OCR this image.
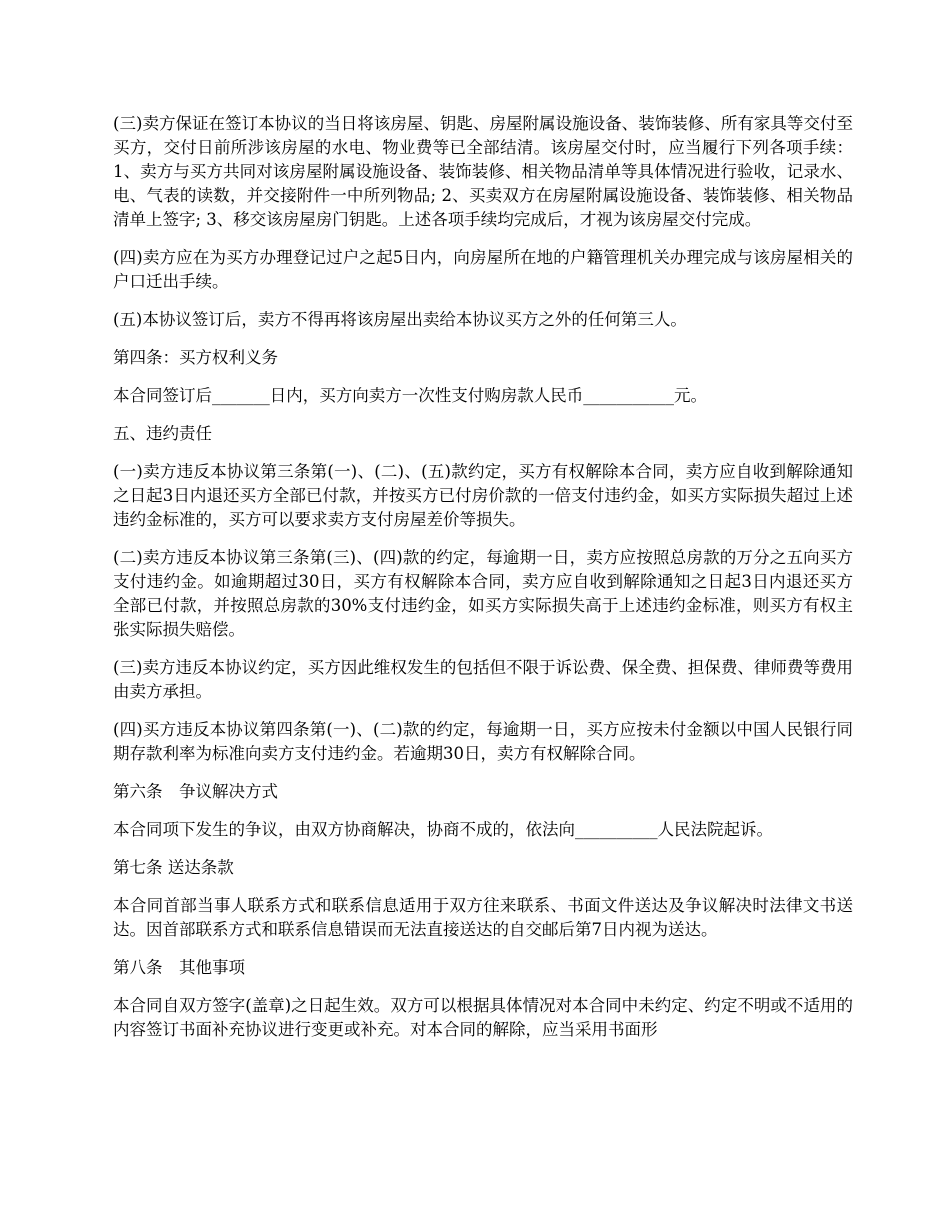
(三)卖方保证在签订本协议的当日将该房屋、钥匙、房屋附属设施设备、装饰装修、所有家具等交付至买方，交付日前所涉该房屋的水电、物业费等已全部结清。该房屋交付时，应当履行下列各项手续：1、卖方与买方共同对该房屋附属设施设备、装饰装修、相关物品清单等具体情况进行验收，记录水、电、气表的读数，并交接附件一中所列物品; 2、买卖双方在房屋附属设施设备、装饰装修、相关物品清单上签字; 3、移交该房屋房门钥匙。上述各项手续均完成后，才视为该房屋交付完成。

(四)卖方应在为买方办理登记过户之起5日内，向房屋所在地的户籍管理机关办理完成与该房屋相关的户口迁出手续。

(五)本协议签订后，卖方不得再将该房屋出卖给本协议买方之外的任何第三人。

第四条：买方权利义务

本合同签订后_______日内，买方向卖方一次性支付购房款人民币___________元。

五、违约责任

(一)卖方违反本协议第三条第(一)、(二)、(五)款约定，买方有权解除本合同，卖方应自收到解除通知之日起3日内退还买方全部已付款，并按买方已付房价款的一倍支付违约金，如买方实际损失超过上述违约金标准的，买方可以要求卖方支付房屋差价等损失。

(二)卖方违反本协议第三条第(三)、(四)款的约定，每逾期一日，卖方应按照总房款的万分之五向买方支付违约金。如逾期超过30日，买方有权解除本合同，卖方应自收到解除通知之日起3日内退还买方全部已付款，并按照总房款的30%支付违约金，如买方实际损失高于上述违约金标准，则买方有权主张实际损失赔偿。

(三)卖方违反本协议约定，买方因此维权发生的包括但不限于诉讼费、保全费、担保费、律师费等费用由卖方承担。

(四)买方违反本协议第四条第(一)、(二)款的约定，每逾期一日，买方应按未付金额以中国人民银行同期存款利率为标准向卖方支付违约金。若逾期30日，卖方有权解除合同。

第六条　争议解决方式

本合同项下发生的争议，由双方协商解决，协商不成的，依法向__________人民法院起诉。

第七条 送达条款

本合同首部当事人联系方式和联系信息适用于双方往来联系、书面文件送达及争议解决时法律文书送达。因首部联系方式和联系信息错误而无法直接送达的自交邮后第7日内视为送达。

第八条　其他事项

本合同自双方签字(盖章)之日起生效。双方可以根据具体情况对本合同中未约定、约定不明或不适用的内容签订书面补充协议进行变更或补充。对本合同的解除，应当采用书面形
